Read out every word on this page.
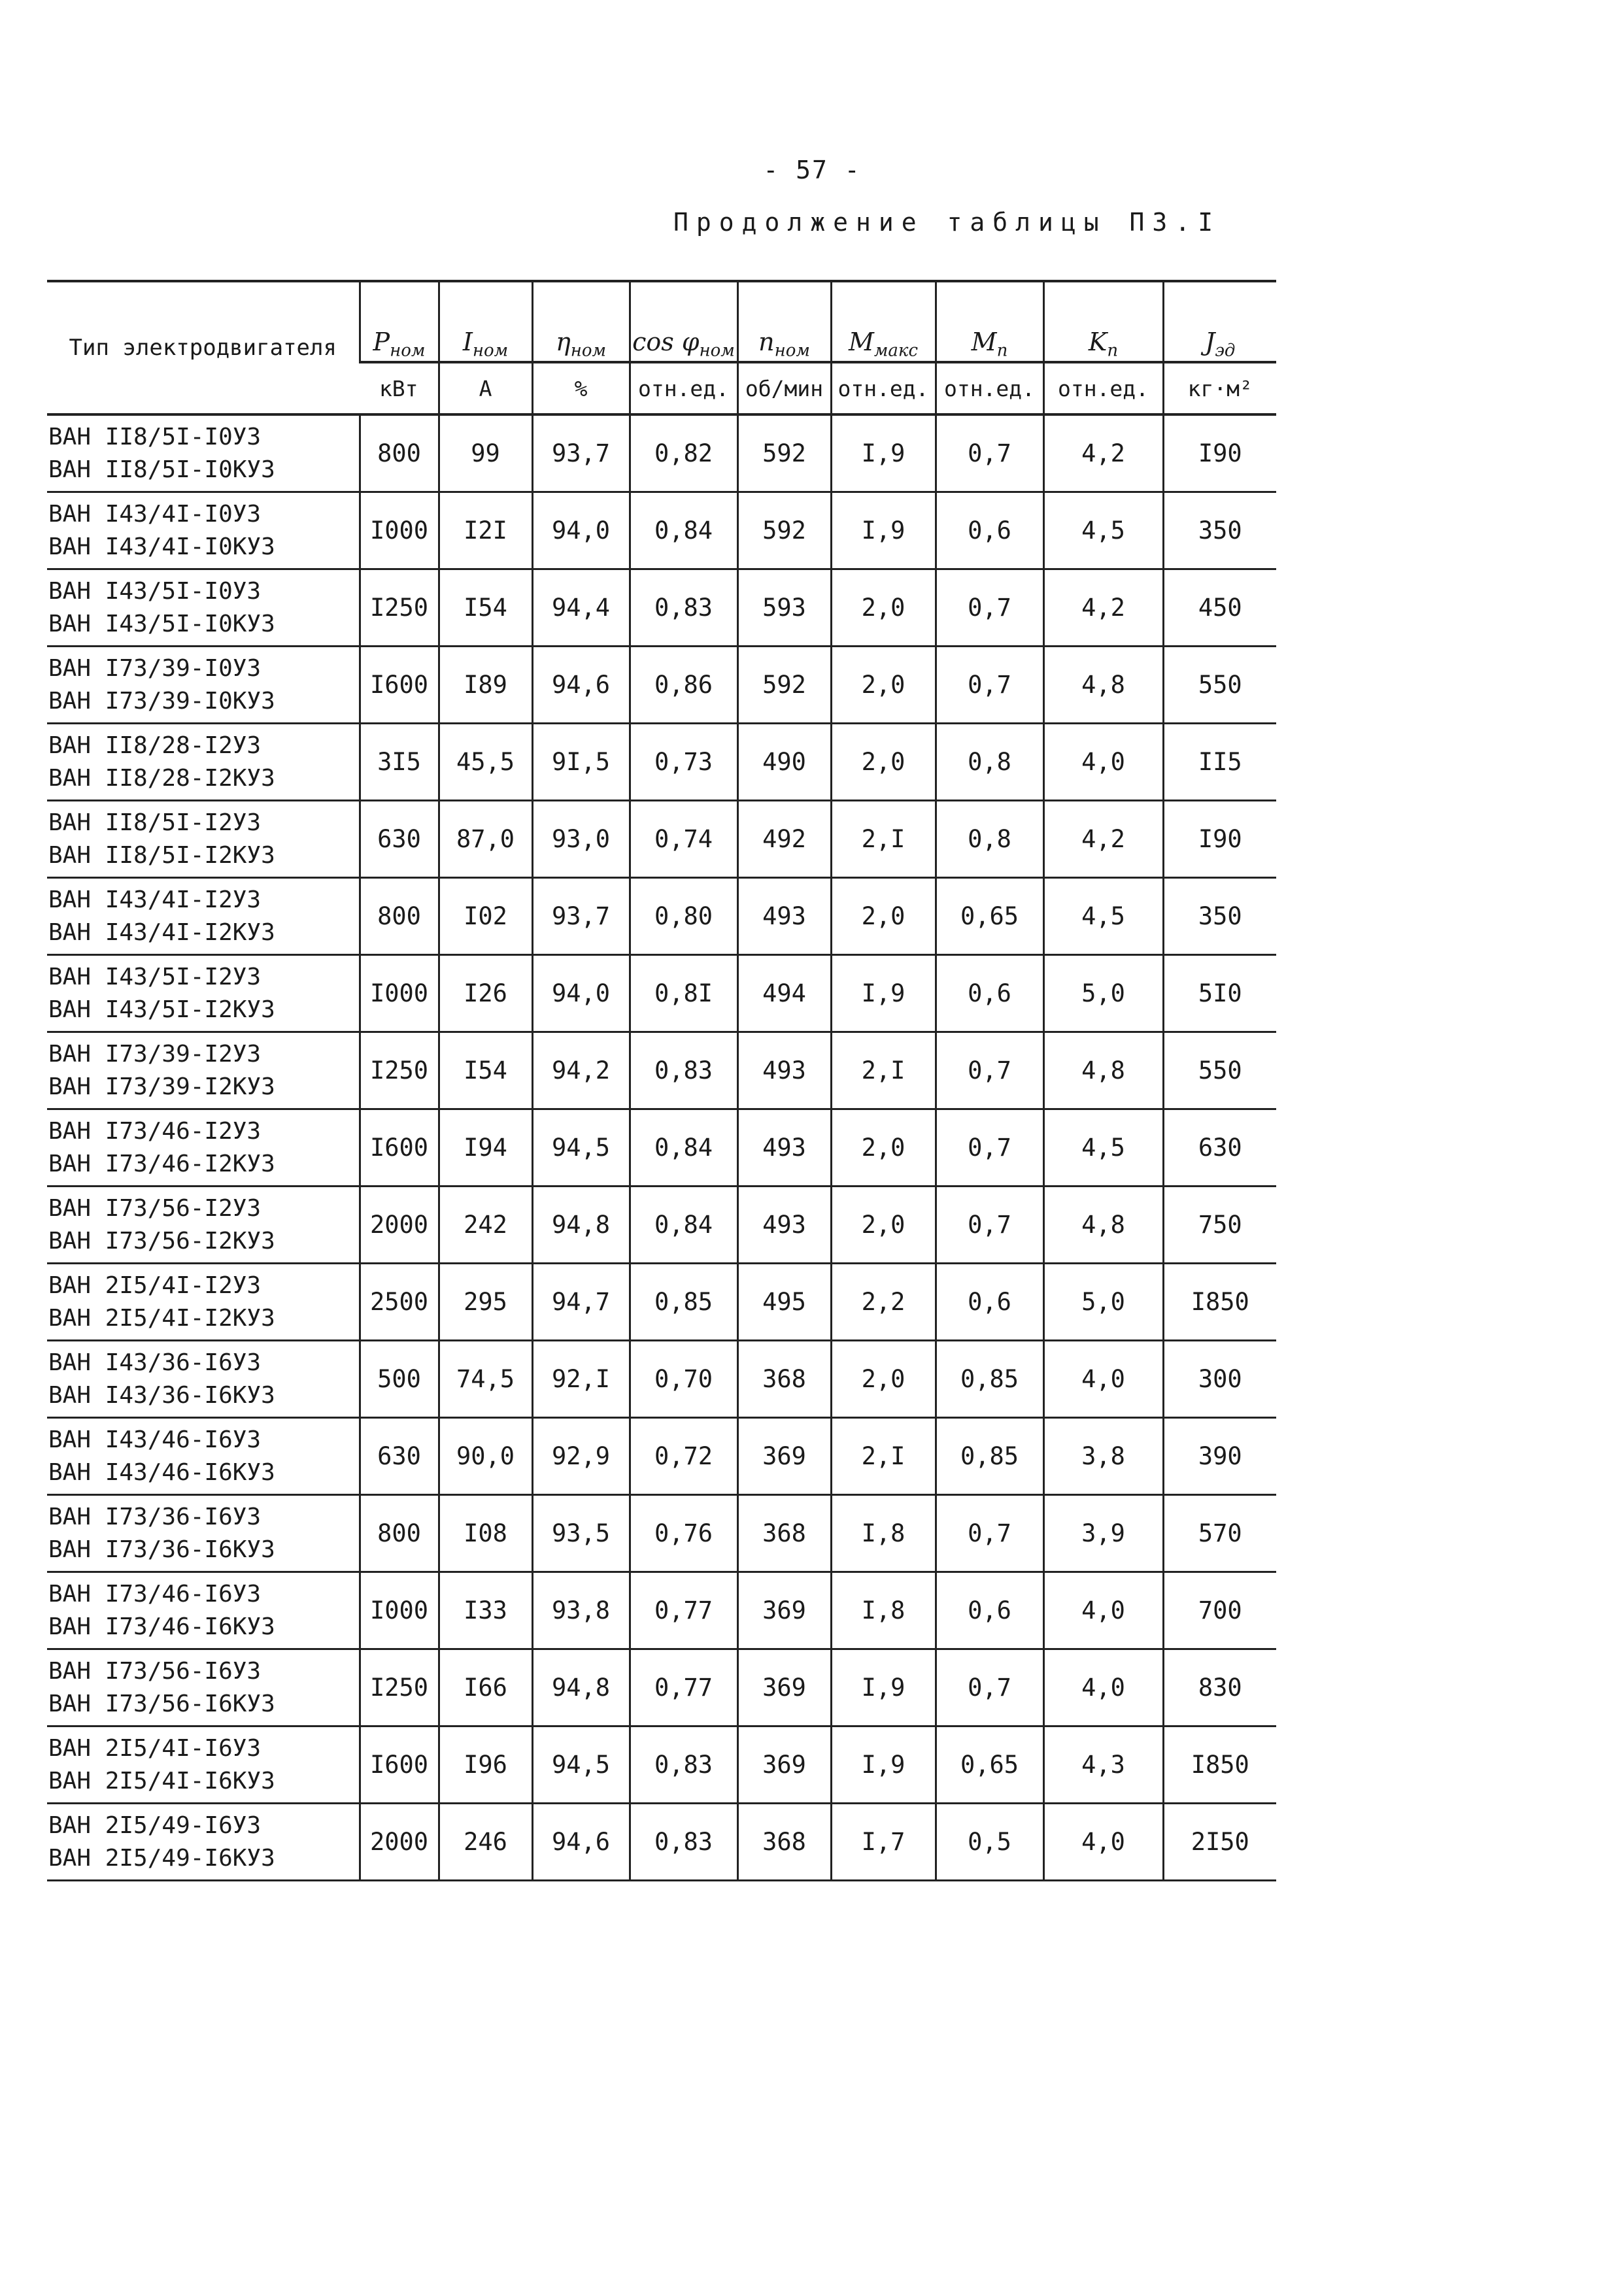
- 57 -
Продолжение таблицы П3.I
Тип электродвигателя	$P_{ном}$	$I_{ном}$	$\eta_{ном}$	$\cos \varphi_{ном}$	$n_{ном}$	$M_{макс}$	$M_п$	$K_п$	$J_{эд}$
	кВт	А	%	отн.ед.	об/мин	отн.ед.	отн.ед.	отн.ед.	кг·м²

ВАН II8/5I-I0У3
ВАН II8/5I-I0КУ3	800	99	93,7	0,82	592	I,9	0,7	4,2	I90

ВАН I43/4I-I0У3
ВАН I43/4I-I0КУ3	I000	I2I	94,0	0,84	592	I,9	0,6	4,5	350

ВАН I43/5I-I0У3
ВАН I43/5I-I0КУ3	I250	I54	94,4	0,83	593	2,0	0,7	4,2	450

ВАН I73/39-I0У3
ВАН I73/39-I0КУ3	I600	I89	94,6	0,86	592	2,0	0,7	4,8	550

ВАН II8/28-I2У3
ВАН II8/28-I2КУ3	3I5	45,5	9I,5	0,73	490	2,0	0,8	4,0	II5

ВАН II8/5I-I2У3
ВАН II8/5I-I2КУ3	630	87,0	93,0	0,74	492	2,I	0,8	4,2	I90

ВАН I43/4I-I2У3
ВАН I43/4I-I2КУ3	800	I02	93,7	0,80	493	2,0	0,65	4,5	350

ВАН I43/5I-I2У3
ВАН I43/5I-I2КУ3	I000	I26	94,0	0,8I	494	I,9	0,6	5,0	5I0

ВАН I73/39-I2У3
ВАН I73/39-I2КУ3	I250	I54	94,2	0,83	493	2,I	0,7	4,8	550

ВАН I73/46-I2У3
ВАН I73/46-I2КУ3	I600	I94	94,5	0,84	493	2,0	0,7	4,5	630

ВАН I73/56-I2У3
ВАН I73/56-I2КУ3	2000	242	94,8	0,84	493	2,0	0,7	4,8	750

ВАН 2I5/4I-I2У3
ВАН 2I5/4I-I2КУ3	2500	295	94,7	0,85	495	2,2	0,6	5,0	I850

ВАН I43/36-I6У3
ВАН I43/36-I6КУ3	500	74,5	92,I	0,70	368	2,0	0,85	4,0	300

ВАН I43/46-I6У3
ВАН I43/46-I6КУ3	630	90,0	92,9	0,72	369	2,I	0,85	3,8	390

ВАН I73/36-I6У3
ВАН I73/36-I6КУ3	800	I08	93,5	0,76	368	I,8	0,7	3,9	570

ВАН I73/46-I6У3
ВАН I73/46-I6КУ3	I000	I33	93,8	0,77	369	I,8	0,6	4,0	700

ВАН I73/56-I6У3
ВАН I73/56-I6КУ3	I250	I66	94,8	0,77	369	I,9	0,7	4,0	830

ВАН 2I5/4I-I6У3
ВАН 2I5/4I-I6КУ3	I600	I96	94,5	0,83	369	I,9	0,65	4,3	I850

ВАН 2I5/49-I6У3
ВАН 2I5/49-I6КУ3	2000	246	94,6	0,83	368	I,7	0,5	4,0	2I50
